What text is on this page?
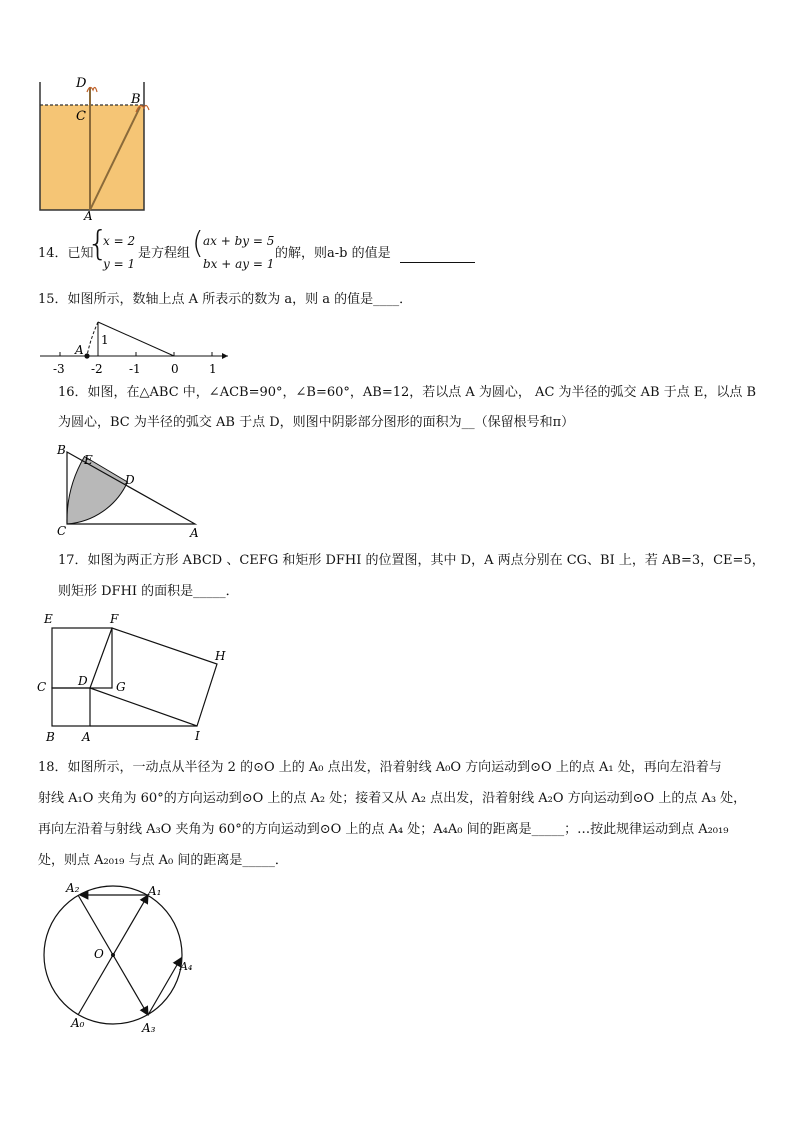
D
B
C
A
14．已知
{
x = 2
y = 1
是方程组 ( ax + by = 5
bx + ay = 1
的解，则a-b 的值是
15．如图所示，数轴上点 A 所表示的数为 a，则 a 的值是____．
-3 -2 -1	0	1
A
1
16．如图，在△ABC 中，∠ACB=90°，∠B=60°，AB=12，若以点 A 为圆心， AC 为半径的弧交 AB 于点 E，以点 B
为圆心，BC 为半径的弧交 AB 于点 D，则图中阴影部分图形的面积为__（保留根号和π）
B
E
D
C	A
17．如图为两正方形 ABCD 、CEFG 和矩形 DFHI 的位置图，其中 D，A 两点分别在 CG、BI 上，若 AB=3，CE=5，
则矩形 DFHI 的面积是_____．
E	F
H
C	D G
B A	I
18．如图所示，一动点从半径为 2 的⊙O 上的 A₀ 点出发，沿着射线 A₀O 方向运动到⊙O 上的点 A₁ 处，再向左沿着与
射线 A₁O 夹角为 60°的方向运动到⊙O 上的点 A₂ 处；接着又从 A₂ 点出发，沿着射线 A₂O 方向运动到⊙O 上的点 A₃ 处，
再向左沿着与射线 A₃O 夹角为 60°的方向运动到⊙O 上的点 A₄ 处；A₄A₀ 间的距离是_____；…按此规律运动到点 A₂₀₁₉
处，则点 A₂₀₁₉ 与点 A₀ 间的距离是_____．
A₂	A₁
O
A₄
A₀	A₃
